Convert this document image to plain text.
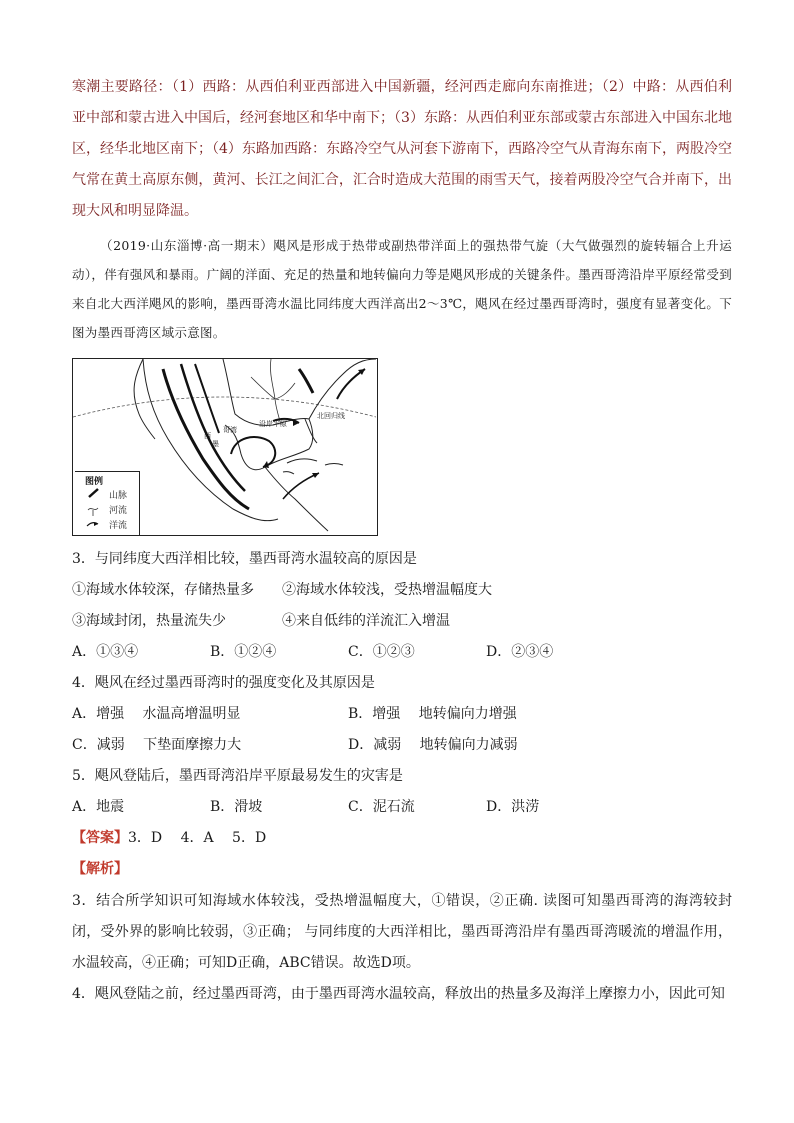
寒潮主要路径：（1）西路：从西伯利亚西部进入中国新疆，经河西走廊向东南推进；（2）中路：从西伯利亚中部和蒙古进入中国后，经河套地区和华中南下；（3）东路：从西伯利亚东部或蒙古东部进入中国东北地区，经华北地区南下；（4）东路加西路：东路冷空气从河套下游南下，西路冷空气从青海东南下，两股冷空气常在黄土高原东侧，黄河、长江之间汇合，汇合时造成大范围的雨雪天气，接着两股冷空气合并南下，出现大风和明显降温。
（2019·山东淄博·高一期末）飓风是形成于热带或副热带洋面上的强热带气旋（大气做强烈的旋转辐合上升运动），伴有强风和暴雨。广阔的洋面、充足的热量和地转偏向力等是飓风形成的关键条件。墨西哥湾沿岸平原经常受到来自北大西洋飓风的影响，墨西哥湾水温比同纬度大西洋高出2～3℃，飓风在经过墨西哥湾时，强度有显著变化。下图为墨西哥湾区域示意图。
沿岸平原
墨
西
哥湾
北回归线
图例
山脉
河流
洋流
3．与同纬度大西洋相比较，墨西哥湾水温较高的原因是
①海域水体较深，存储热量多 ②海域水体较浅，受热增温幅度大
③海域封闭，热量流失少	④来自低纬的洋流汇入增温
A．①③④	B．①②④	C．①②③	D．②③④
4．飓风在经过墨西哥湾时的强度变化及其原因是
A．增强　 水温高增温明显	B．增强　 地转偏向力增强
C．减弱　 下垫面摩擦力大	D．减弱　 地转偏向力减弱
5．飓风登陆后，墨西哥湾沿岸平原最易发生的灾害是
A．地震	B．滑坡	C．泥石流	D．洪涝
【答案】3．D　 4．A　 5．D
【解析】
3．结合所学知识可知海域水体较浅，受热增温幅度大，①错误，②正确. 读图可知墨西哥湾的海湾较封闭，受外界的影响比较弱，③正确； 与同纬度的大西洋相比，墨西哥湾沿岸有墨西哥湾暖流的增温作用，水温较高，④正确；可知D正确，ABC错误。故选D项。
4．飓风登陆之前，经过墨西哥湾，由于墨西哥湾水温较高，释放出的热量多及海洋上摩擦力小，因此可知
